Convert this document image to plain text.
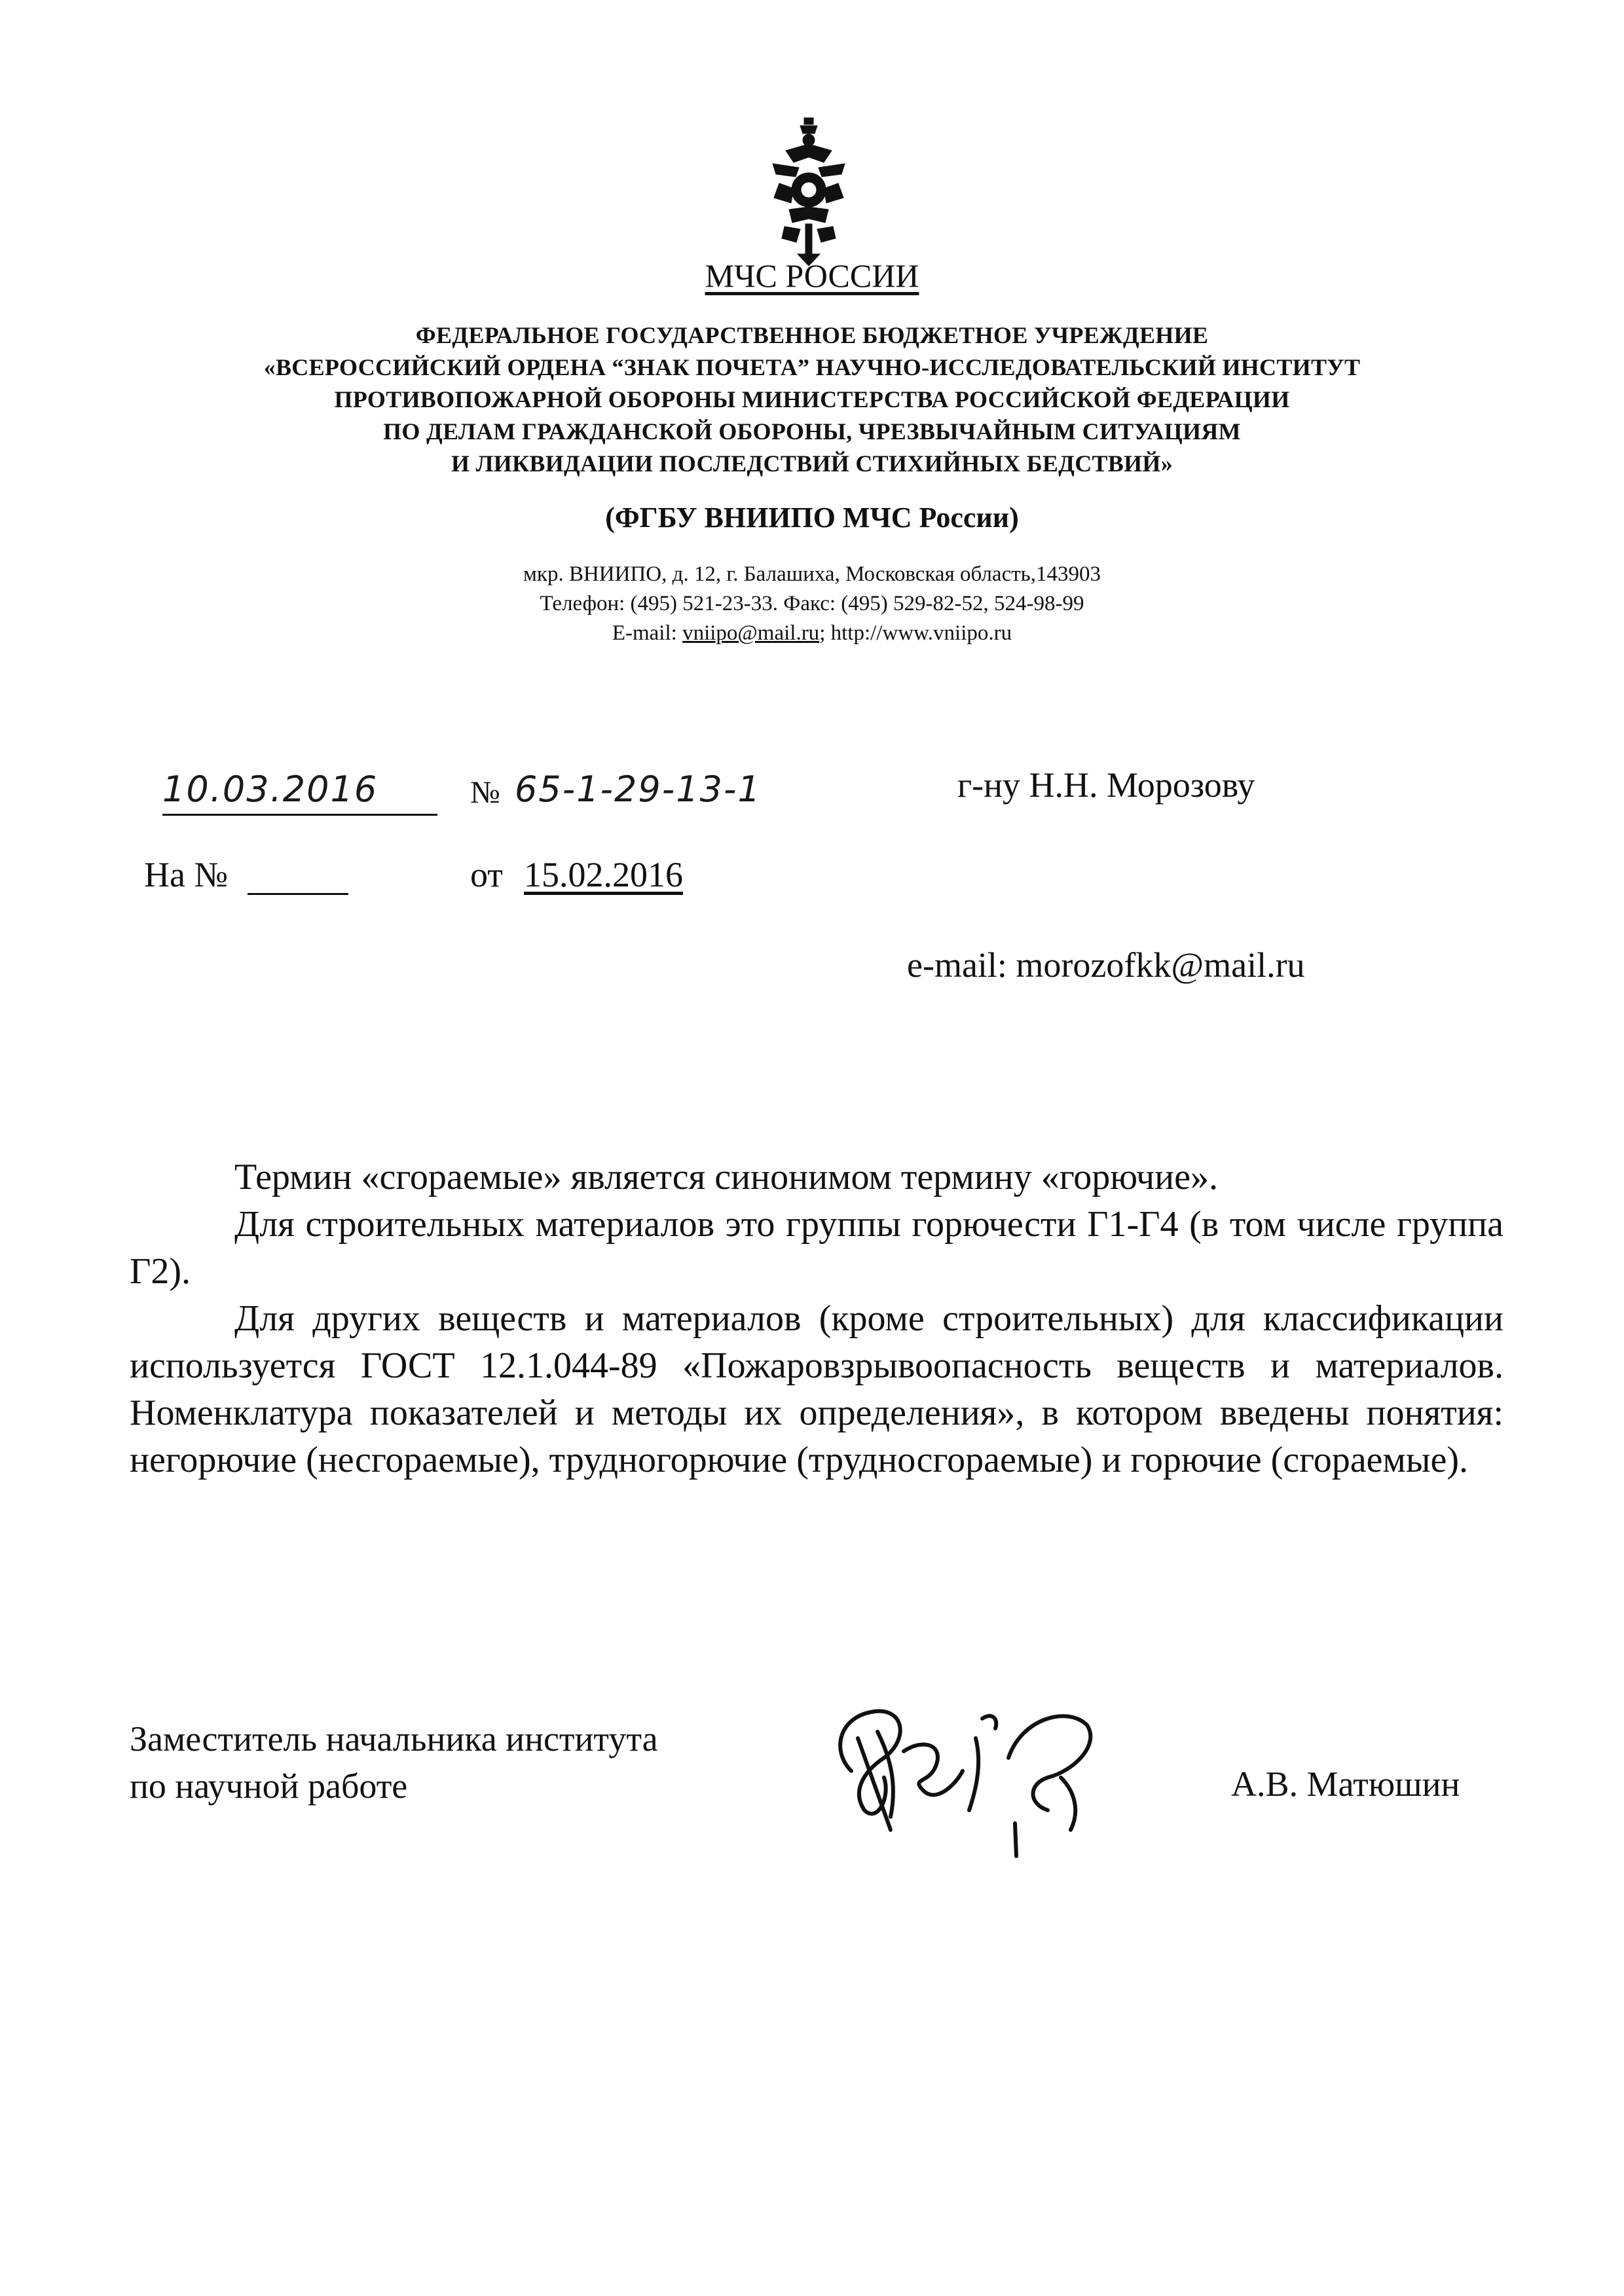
МЧС РОССИИ
ФЕДЕРАЛЬНОЕ ГОСУДАРСТВЕННОЕ БЮДЖЕТНОЕ УЧРЕЖДЕНИЕ
«ВСЕРОССИЙСКИЙ ОРДЕНА “ЗНАК ПОЧЕТА” НАУЧНО-ИССЛЕДОВАТЕЛЬСКИЙ ИНСТИТУТ
ПРОТИВОПОЖАРНОЙ ОБОРОНЫ МИНИСТЕРСТВА РОССИЙСКОЙ ФЕДЕРАЦИИ
ПО ДЕЛАМ ГРАЖДАНСКОЙ ОБОРОНЫ, ЧРЕЗВЫЧАЙНЫМ СИТУАЦИЯМ
И ЛИКВИДАЦИИ ПОСЛЕДСТВИЙ СТИХИЙНЫХ БЕДСТВИЙ»
(ФГБУ ВНИИПО МЧС России)
мкр. ВНИИПО, д. 12, г. Балашиха, Московская область,143903
Телефон: (495) 521-23-33. Факс: (495) 529-82-52, 524-98-99
E-mail: vniipo@mail.ru; http://www.vniipo.ru
10.03.2016	№ 65-1-29-13-1	г-ну Н.Н. Морозову
На №	от 15.02.2016
e-mail: morozofkk@mail.ru

Термин «сгораемые» является синонимом термину «горючие».

Для строительных материалов это группы горючести Г1-Г4 (в том числе группа Г2).

Для других веществ и материалов (кроме строительных) для классификации используется ГОСТ 12.1.044-89 «Пожаровзрывоопасность веществ и материалов. Номенклатура показателей и методы их определения», в котором введены понятия: негорючие (несгораемые), трудногорючие (трудносгораемые) и горючие (сгораемые).

Заместитель начальника института
по научной работе	А.В. Матюшин
